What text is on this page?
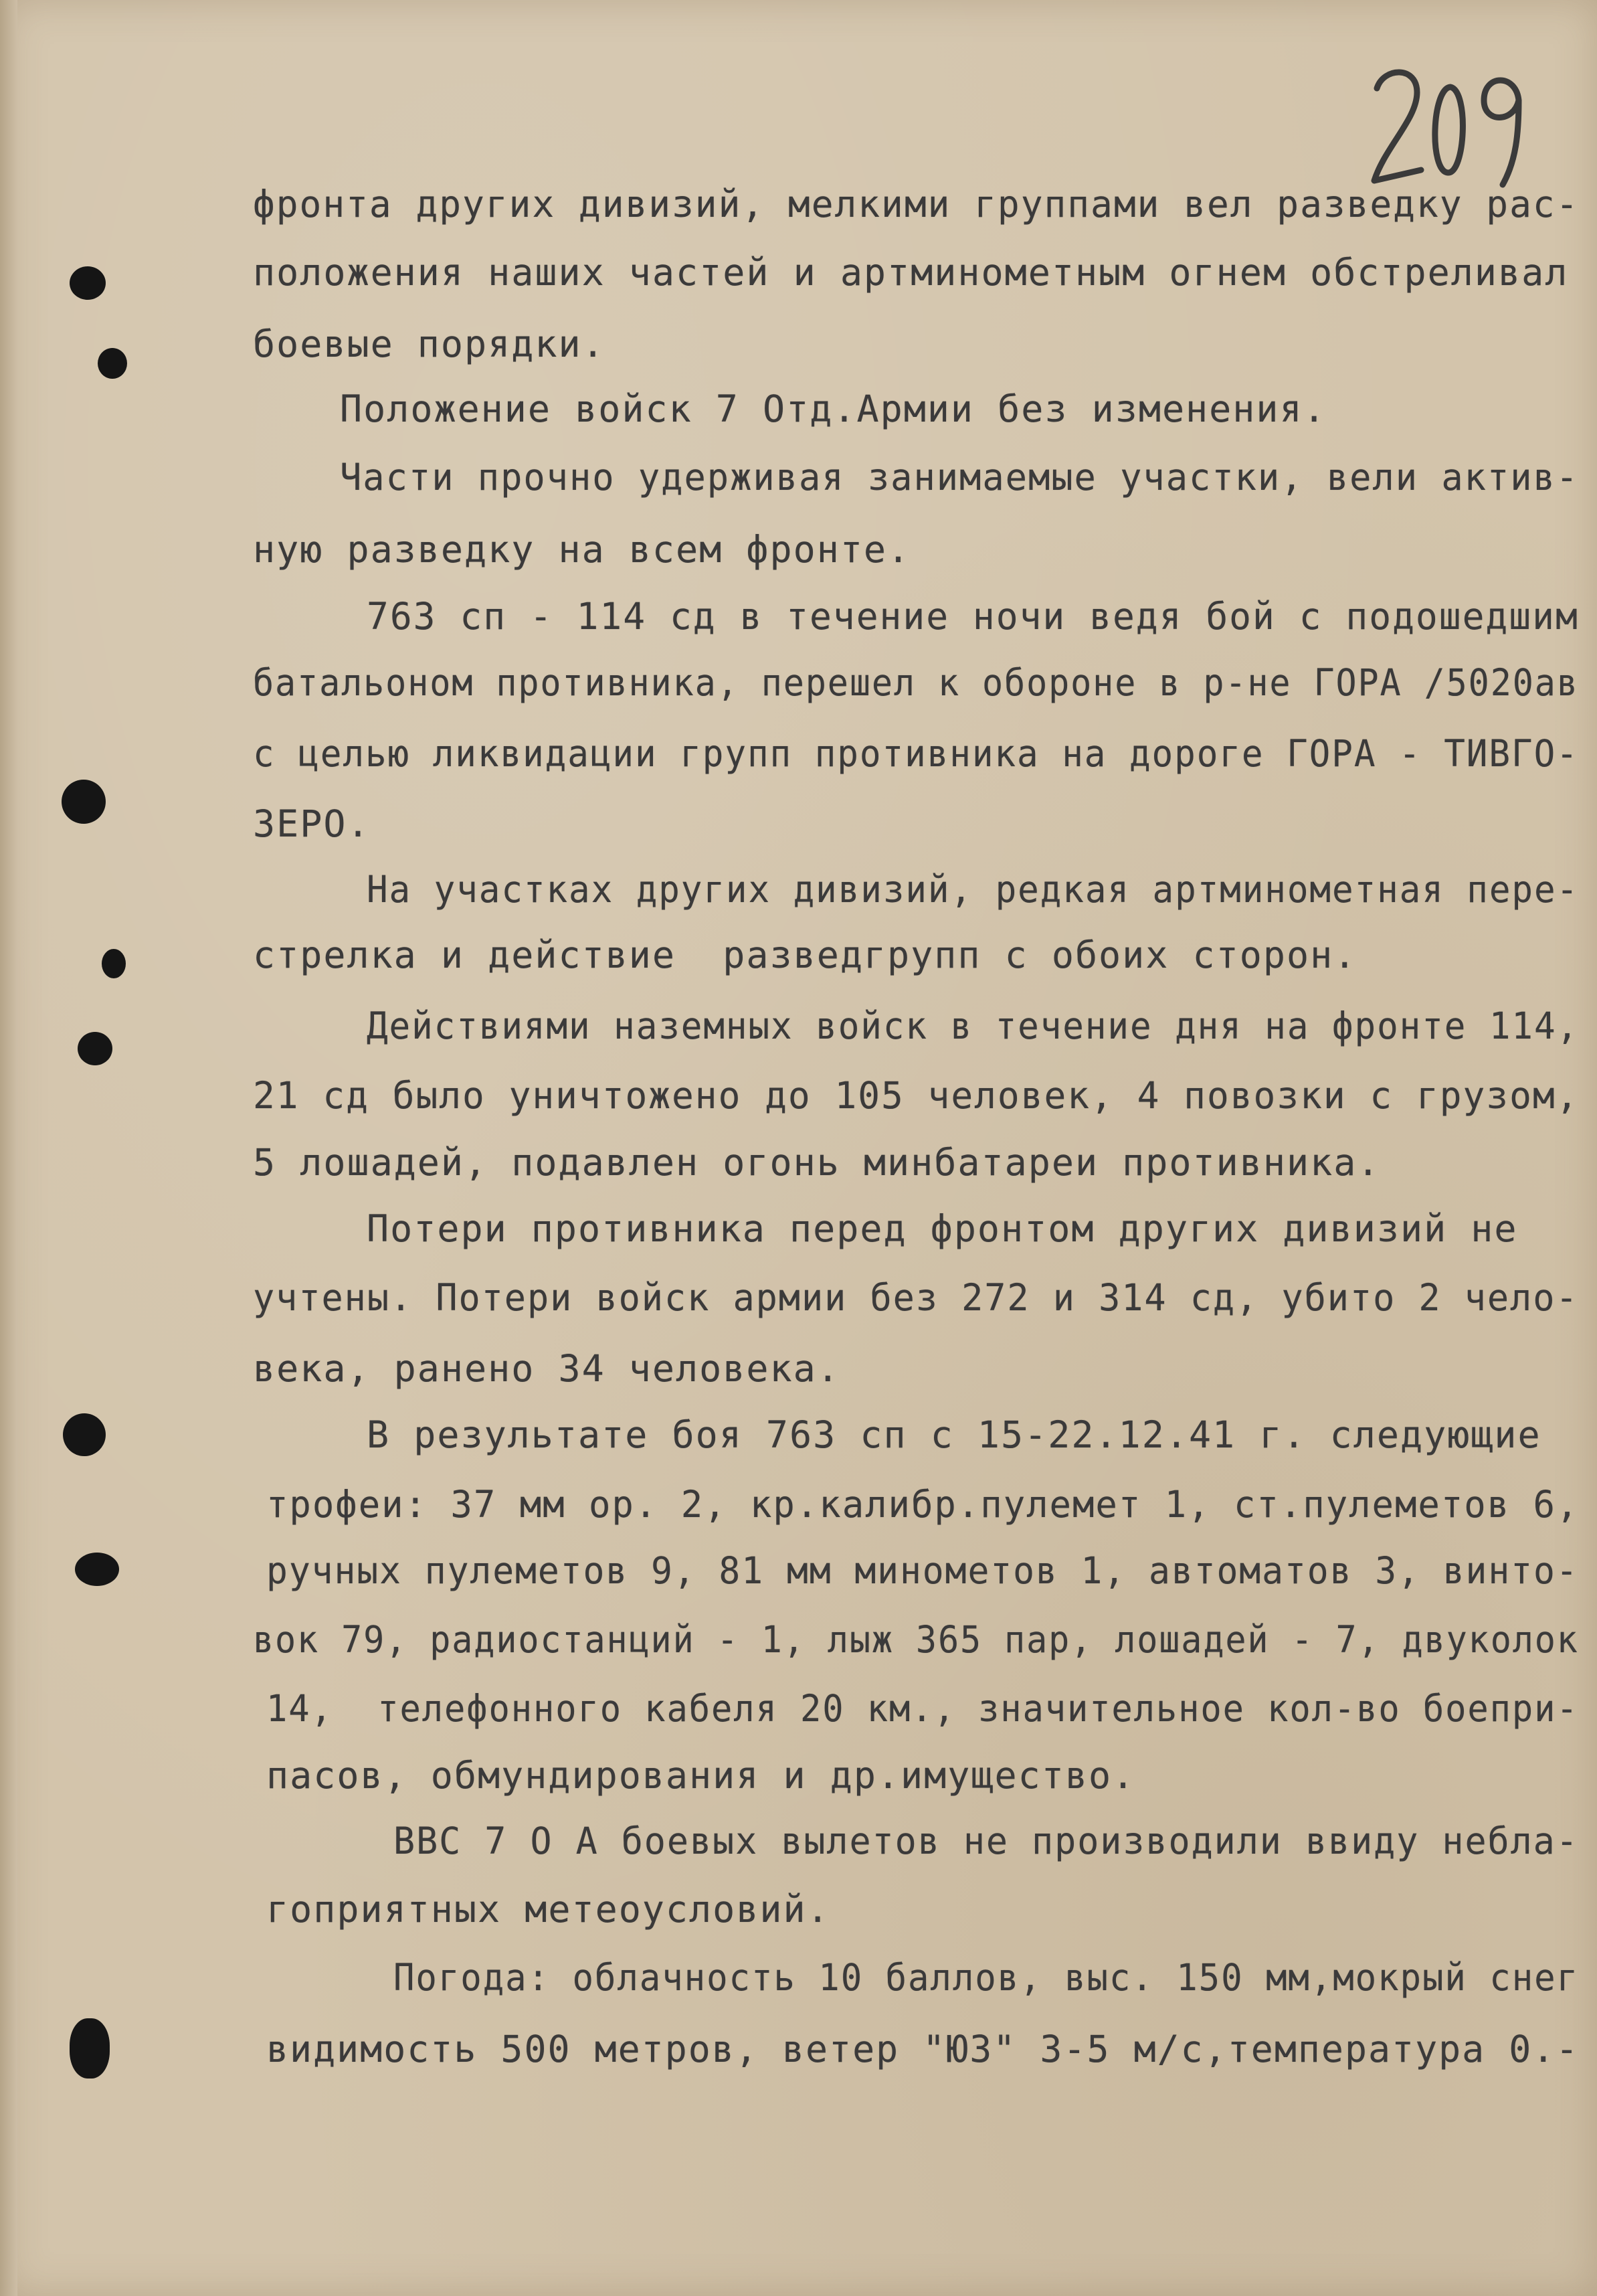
фронта других дивизий, мелкими группами вел разведку рас-
положения наших частей и артминометным огнем обстреливал
боевые порядки.
Положение войск 7 Отд.Армии без изменения.
Части прочно удерживая занимаемые участки, вели актив-
ную разведку на всем фронте.
763 сп - 114 сд в течение ночи ведя бой с подошедшим
батальоном противника, перешел к обороне в р-не ГОРА /5020ав
с целью ликвидации групп противника на дороге ГОРА - ТИВГО-
ЗЕРО.
На участках других дивизий, редкая артминометная пере-
стрелка и действие  разведгрупп с обоих сторон.
Действиями наземных войск в течение дня на фронте 114,
21 сд было уничтожено до 105 человек, 4 повозки с грузом,
5 лошадей, подавлен огонь минбатареи противника.
Потери противника перед фронтом других дивизий не
учтены. Потери войск армии без 272 и 314 сд, убито 2 чело-
века, ранено 34 человека.
В результате боя 763 сп с 15-22.12.41 г. следующие
трофеи: 37 мм ор. 2, кр.калибр.пулемет 1, ст.пулеметов 6,
ручных пулеметов 9, 81 мм минометов 1, автоматов 3, винто-
вок 79, радиостанций - 1, лыж 365 пар, лошадей - 7, двуколок
14,  телефонного кабеля 20 км., значительное кол-во боепри-
пасов, обмундирования и др.имущество.
ВВС 7 О А боевых вылетов не производили ввиду небла-
гоприятных метеоусловий.
Погода: облачность 10 баллов, выс. 150 мм,мокрый снег
видимость 500 метров, ветер "ЮЗ" 3-5 м/с,температура 0.-
